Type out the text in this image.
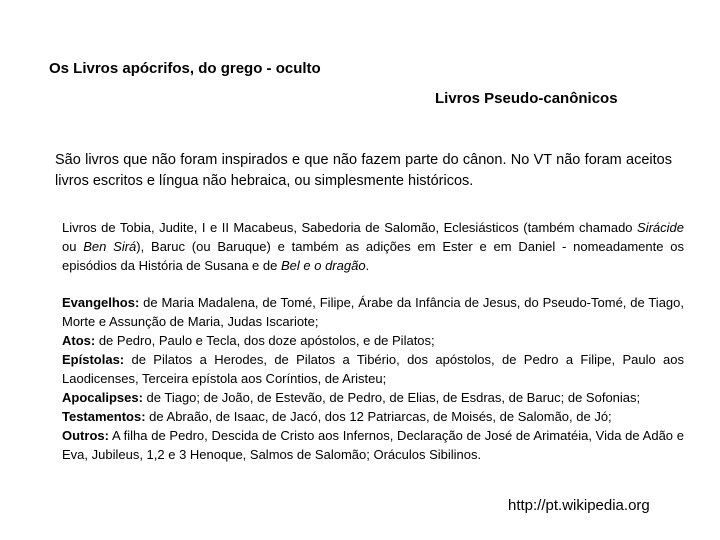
Os Livros apócrifos, do grego - oculto
Livros Pseudo-canônicos
São livros que não foram inspirados e que não fazem parte do cânon. No VT não foram aceitos livros escritos e língua não hebraica, ou simplesmente históricos.
Livros de Tobia, Judite, I e II Macabeus, Sabedoria de Salomão, Eclesiásticos (também chamado Sirácide ou Ben Sirá), Baruc (ou Baruque) e também as adições em Ester e em Daniel - nomeadamente os episódios da História de Susana e de Bel e o dragão.

Evangelhos: de Maria Madalena, de Tomé, Filipe, Árabe da Infância de Jesus, do Pseudo-Tomé, de Tiago, Morte e Assunção de Maria, Judas Iscariote;

Atos: de Pedro, Paulo e Tecla, dos doze apóstolos, e de Pilatos;

Epístolas: de Pilatos a Herodes, de Pilatos a Tibério, dos apóstolos, de Pedro a Filipe, Paulo aos Laodicenses, Terceira epístola aos Coríntios, de Aristeu;

Apocalipses: de Tiago; de João, de Estevão, de Pedro, de Elias, de Esdras, de Baruc; de Sofonias;

Testamentos: de Abraão, de Isaac, de Jacó, dos 12 Patriarcas, de Moisés, de Salomão, de Jó;

Outros: A filha de Pedro, Descida de Cristo aos Infernos, Declaração de José de Arimatéia, Vida de Adão e Eva, Jubileus, 1,2 e 3 Henoque, Salmos de Salomão; Oráculos Sibilinos.

http://pt.wikipedia.org
